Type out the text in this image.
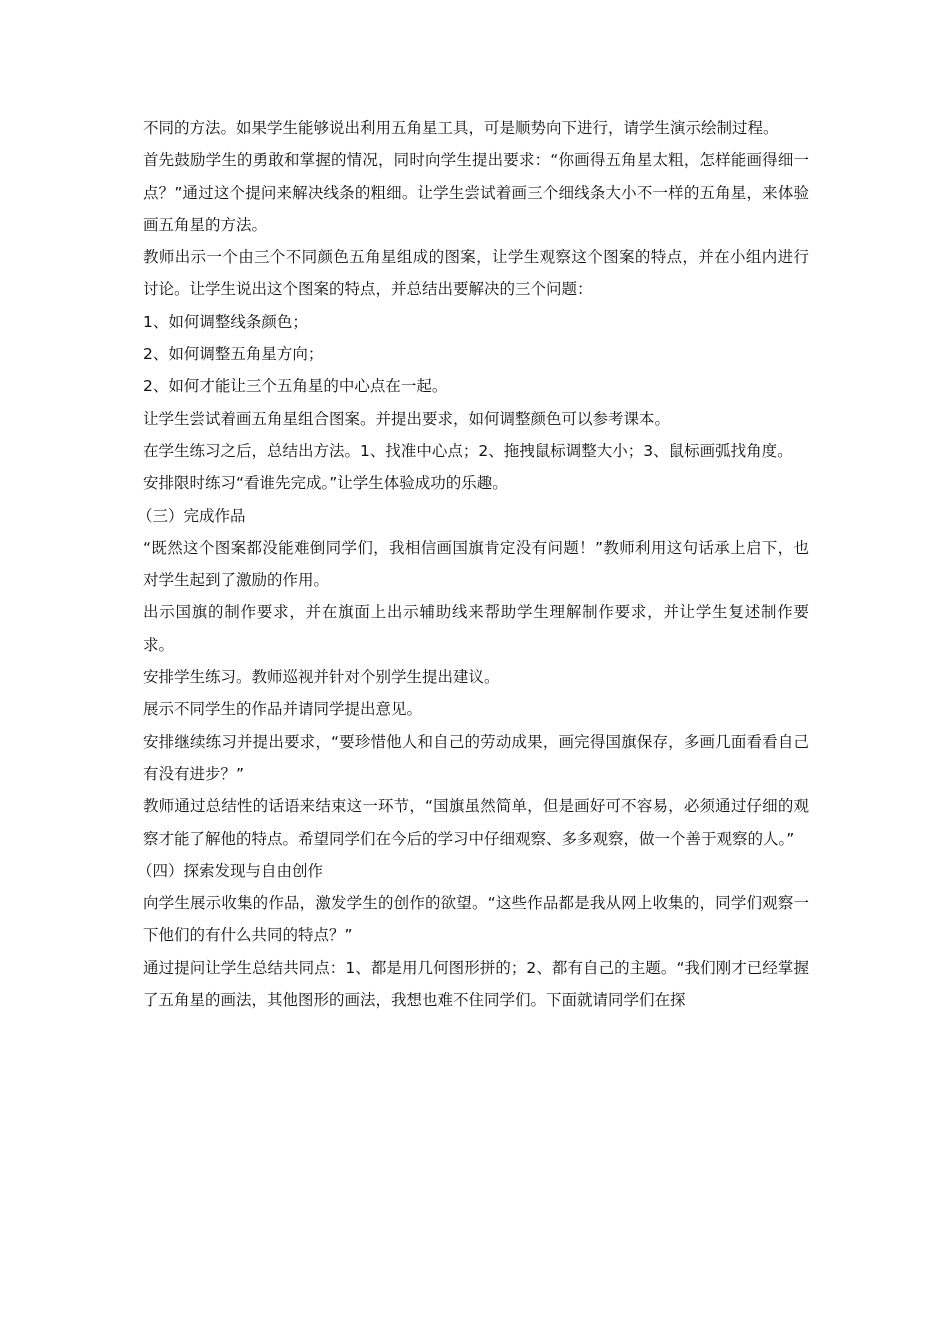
不同的方法。如果学生能够说出利用五角星工具，可是顺势向下进行，请学生演示绘制过程。

首先鼓励学生的勇敢和掌握的情况，同时向学生提出要求：“你画得五角星太粗，怎样能画得细一点？”通过这个提问来解决线条的粗细。让学生尝试着画三个细线条大小不一样的五角星，来体验画五角星的方法。

教师出示一个由三个不同颜色五角星组成的图案，让学生观察这个图案的特点，并在小组内进行讨论。让学生说出这个图案的特点，并总结出要解决的三个问题：

1、如何调整线条颜色；

2、如何调整五角星方向；

2、如何才能让三个五角星的中心点在一起。

让学生尝试着画五角星组合图案。并提出要求，如何调整颜色可以参考课本。

在学生练习之后，总结出方法。1、找准中心点；2、拖拽鼠标调整大小；3、鼠标画弧找角度。

安排限时练习“看谁先完成。”让学生体验成功的乐趣。

（三）完成作品

“既然这个图案都没能难倒同学们，我相信画国旗肯定没有问题！”教师利用这句话承上启下，也对学生起到了激励的作用。

出示国旗的制作要求，并在旗面上出示辅助线来帮助学生理解制作要求，并让学生复述制作要求。

安排学生练习。教师巡视并针对个别学生提出建议。

展示不同学生的作品并请同学提出意见。

安排继续练习并提出要求，“要珍惜他人和自己的劳动成果，画完得国旗保存，多画几面看看自己有没有进步？”

教师通过总结性的话语来结束这一环节，“国旗虽然简单，但是画好可不容易，必须通过仔细的观察才能了解他的特点。希望同学们在今后的学习中仔细观察、多多观察，做一个善于观察的人。”

（四）探索发现与自由创作

向学生展示收集的作品，激发学生的创作的欲望。“这些作品都是我从网上收集的，同学们观察一下他们的有什么共同的特点？”

通过提问让学生总结共同点：1、都是用几何图形拼的；2、都有自己的主题。“我们刚才已经掌握了五角星的画法，其他图形的画法，我想也难不住同学们。下面就请同学们在探
